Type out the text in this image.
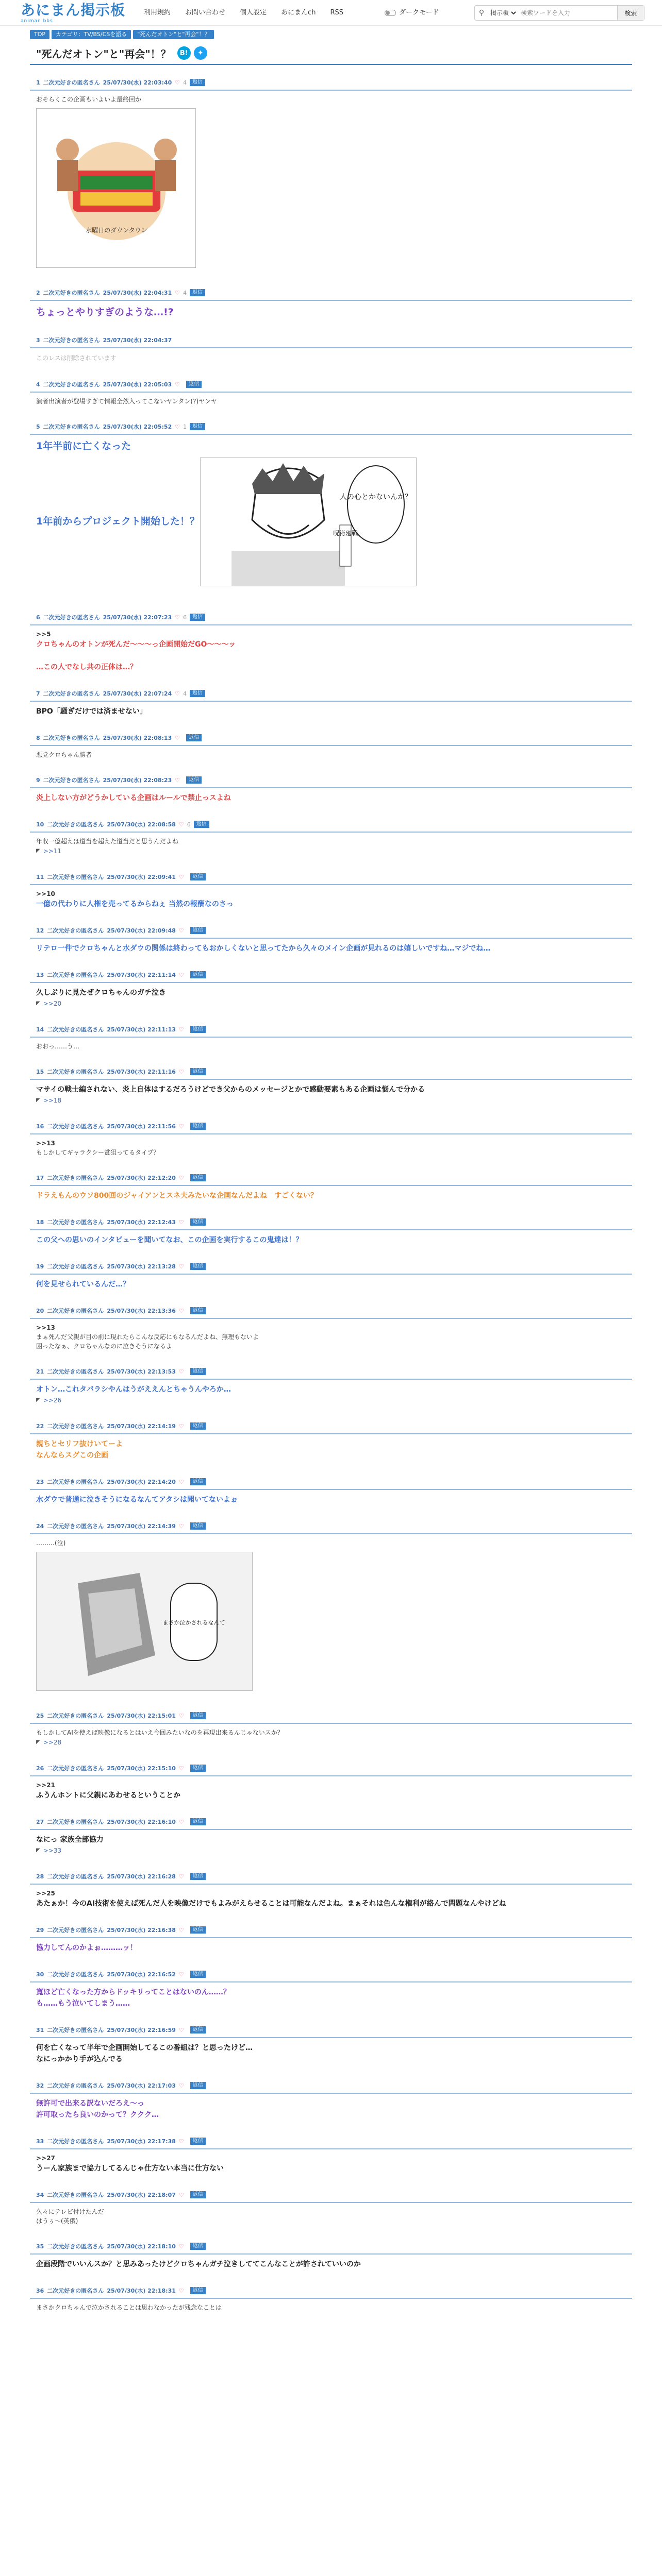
あにまん掲示板
animan bbs
利用規約	お問い合わせ	個人設定	あにまんch	RSS	ダークモード	⚲
掲示板
検索ワードを入力	検索
TOP	カテゴリ：TV/BS/CSを語る	"死んだオトン"と"再会"！？
"死んだオトン"と"再会"！？	B!	✦
1 二次元好きの匿名さん 25/07/30(水) 22:03:40 ♡ 4	返信
おそらくこの企画もいよいよ最終回か
水曜日のダウンタウン
2 二次元好きの匿名さん 25/07/30(水) 22:04:31 ♡ 4	返信
ちょっとやりすぎのような…!?
3 二次元好きの匿名さん 25/07/30(水) 22:04:37
このレスは削除されています
4 二次元好きの匿名さん 25/07/30(水) 22:05:03 ♡	返信
演者出演者が登場すぎて情報全然入ってこないヤンタン(?)ヤンヤ
5 二次元好きの匿名さん 25/07/30(水) 22:05:52 ♡ 1	返信
1年半前に亡くなった
人の心とかないんか？
呪術廻戦
1年前からプロジェクト開始した！？
6 二次元好きの匿名さん 25/07/30(水) 22:07:23 ♡ 6	返信
>>5
クロちゃんのオトンが死んだ〜〜〜っ企画開始だGO〜〜〜ッ

…この人でなし共の正体は…？
7 二次元好きの匿名さん 25/07/30(水) 22:07:24 ♡ 4	返信
BPO「騒ぎだけでは済ませない」
8 二次元好きの匿名さん 25/07/30(水) 22:08:13 ♡	返信
悪党クロちゃん勝者
9 二次元好きの匿名さん 25/07/30(水) 22:08:23 ♡	返信
炎上しない方がどうかしている企画はルールで禁止っスよね
10 二次元好きの匿名さん 25/07/30(水) 22:08:58 ♡ 6	返信
年収一億超えは道当を超えた道当だと思うんだよね
◤ >>11
11 二次元好きの匿名さん 25/07/30(水) 22:09:41 ♡	返信
>>10
一億の代わりに人権を売ってるからねぇ 当然の報酬なのさっ
12 二次元好きの匿名さん 25/07/30(水) 22:09:48 ♡	返信
リテロ一件でクロちゃんと水ダウの関係は終わってもおかしくないと思ってたから久々のメイン企画が見れるのは嬉しいですね…マジでね…
13 二次元好きの匿名さん 25/07/30(水) 22:11:14 ♡	返信
久しぶりに見たぜクロちゃんのガチ泣き
◤ >>20
14 二次元好きの匿名さん 25/07/30(水) 22:11:13 ♡	返信
おおっ……う…
15 二次元好きの匿名さん 25/07/30(水) 22:11:16 ♡	返信
マサイの戦士編されない、炎上自体はするだろうけどでき父からのメッセージとかで感動要素もある企画は悩んで分かる
◤ >>18
16 二次元好きの匿名さん 25/07/30(水) 22:11:56 ♡	返信
>>13
もしかしてギャラクシー賞狙ってるタイプ？
17 二次元好きの匿名さん 25/07/30(水) 22:12:20 ♡	返信
ドラえもんのウソ800回のジャイアンとスネ夫みたいな企画なんだよね　すごくない？
18 二次元好きの匿名さん 25/07/30(水) 22:12:43 ♡	返信
この父への思いのインタビューを聞いてなお、この企画を実行するこの鬼達は！？
19 二次元好きの匿名さん 25/07/30(水) 22:13:28 ♡	返信
何を見せられているんだ…？
20 二次元好きの匿名さん 25/07/30(水) 22:13:36 ♡	返信
>>13
まぁ死んだ父親が目の前に現れたらこんな反応にもなるんだよね、無理もないよ
困ったなぁ、クロちゃんなのに泣きそうになるよ
21 二次元好きの匿名さん 25/07/30(水) 22:13:53 ♡	返信
オトン…これタバラシやんはうがええんとちゃうんやろか…
◤ >>26
22 二次元好きの匿名さん 25/07/30(水) 22:14:19 ♡	返信
親ちとセリフ抜けいてーよ
なんならスグこの企画
23 二次元好きの匿名さん 25/07/30(水) 22:14:20 ♡	返信
水ダウで普通に泣きそうになるなんてアタシは聞いてないよぉ
24 二次元好きの匿名さん 25/07/30(水) 22:14:39 ♡	返信
………(泣)
まさか泣かされるなんて
25 二次元好きの匿名さん 25/07/30(水) 22:15:01 ♡	返信
もしかしてAIを使えば映像になるとはいえ今回みたいなのを再現出来るんじゃないスか？
◤ >>28
26 二次元好きの匿名さん 25/07/30(水) 22:15:10 ♡	返信
>>21
ふうんホントに父親にあわせるということか
27 二次元好きの匿名さん 25/07/30(水) 22:16:10 ♡	返信
なにっ 家族全部協力
◤ >>33
28 二次元好きの匿名さん 25/07/30(水) 22:16:28 ♡	返信
>>25
あたぁか！今のAI技術を使えば死んだ人を映像だけでもよみがえらせることは可能なんだよね。まぁそれは色んな権利が絡んで問題なんやけどね
29 二次元好きの匿名さん 25/07/30(水) 22:16:38 ♡	返信
協力してんのかよぉ………ッ！
30 二次元好きの匿名さん 25/07/30(水) 22:16:52 ♡	返信
寛ほど亡くなった方からドッキリってことはないのん……？
も……もう泣いてしまう……
31 二次元好きの匿名さん 25/07/30(水) 22:16:59 ♡	返信
何を亡くなって半年で企画開始してるこの番組は？と思ったけど…
なにっかかり手が込んでる
32 二次元好きの匿名さん 25/07/30(水) 22:17:03 ♡	返信
無許可で出来る訳ないだろえ〜っ
許可取ったら良いのかって？ククク…
33 二次元好きの匿名さん 25/07/30(水) 22:17:38 ♡	返信
>>27
うーん家族まで協力してるんじゃ仕方ない本当に仕方ない
34 二次元好きの匿名さん 25/07/30(水) 22:18:07 ♡	返信
久々にテレビ付けたんだ
はうぅ〜(英俄)
35 二次元好きの匿名さん 25/07/30(水) 22:18:10 ♡	返信
企画段階でいいんスか？と思みあったけどクロちゃんガチ泣きしててこんなことが許されていいのか
36 二次元好きの匿名さん 25/07/30(水) 22:18:31 ♡	返信
まさかクロちゃんで泣かされることは思わなかったが残念なことは
